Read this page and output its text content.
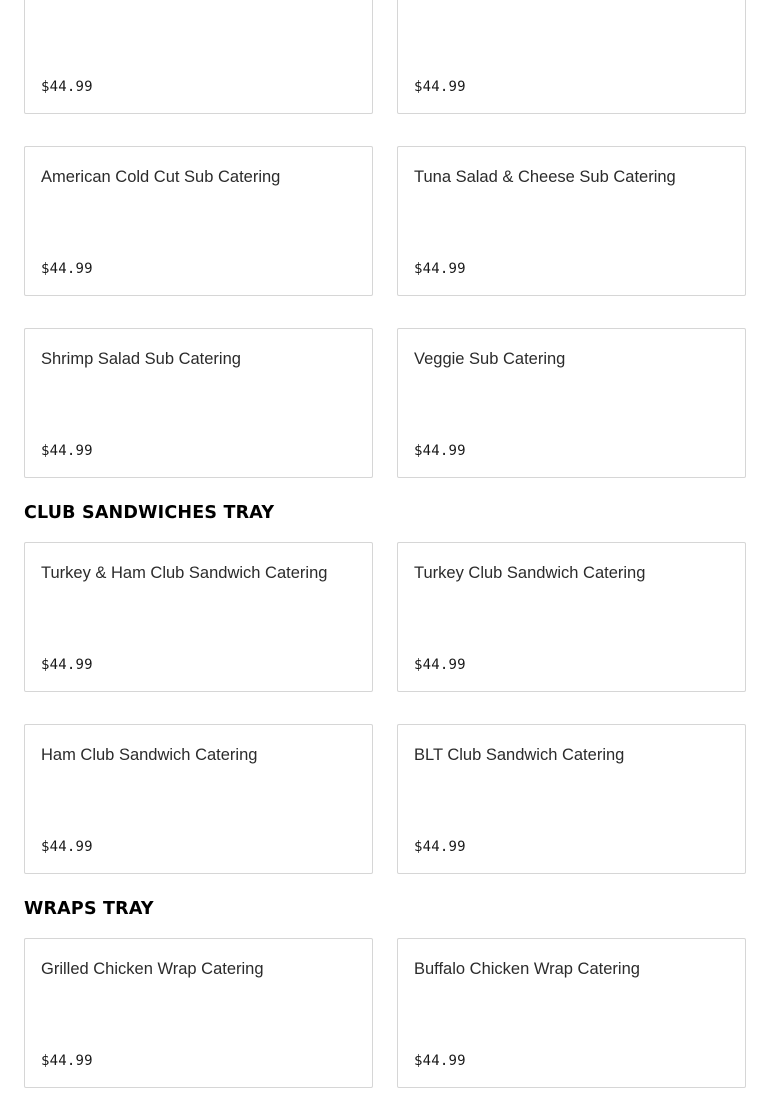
$44.99	$44.99
American Cold Cut Sub Catering
$44.99
Tuna Salad & Cheese Sub Catering
$44.99
Shrimp Salad Sub Catering
$44.99
Veggie Sub Catering
$44.99
CLUB SANDWICHES TRAY
Turkey & Ham Club Sandwich Catering
$44.99
Turkey Club Sandwich Catering
$44.99
Ham Club Sandwich Catering
$44.99
BLT Club Sandwich Catering
$44.99
WRAPS TRAY
Grilled Chicken Wrap Catering
$44.99
Buffalo Chicken Wrap Catering
$44.99
